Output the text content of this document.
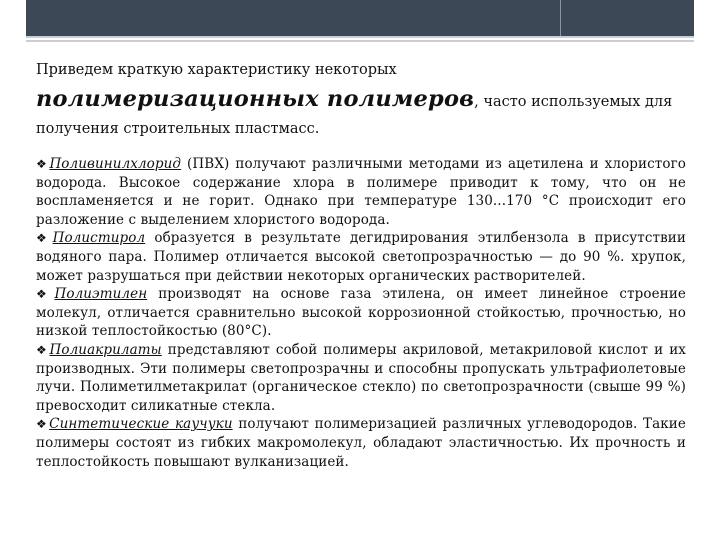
Приведем краткую характеристику некоторых

полимеризационных полимеров, часто используемых для

получения строительных пластмасс.

❖Поливинилхлорид (ПВХ) получают различными методами из ацетилена и хлористого водорода. Высокое содержание хлора в полимере приводит к тому, что он не воспламеняется и не горит. Однако при температуре 130...170 °С происходит его разложение с выделением хлористого водорода.

❖Полистирол образуется в результате дегидрирования этилбензола в присутствии водяного пара. Полимер отличается высокой светопрозрачностью — до 90 %. хрупок, может разрушаться при действии некоторых органических растворителей.

❖Полиэтилен производят на основе газа этилена, он имеет линейное строение молекул, отличается сравнительно высокой коррозионной стойкостью, прочностью, но низкой теплостойкостью (80°С).

❖Полиакрилаты представляют собой полимеры акриловой, метакриловой кислот и их производных. Эти полимеры светопрозрачны и способны пропускать ультрафиолетовые лучи. Полиметилметакрилат (органическое стекло) по светопрозрачности (свыше 99 %) превосходит силикатные стекла.

❖Синтетические каучуки получают полимеризацией различных углеводородов. Такие полимеры состоят из гибких макромолекул, обладают эластичностью. Их прочность и теплостойкость повышают вулканизацией.
